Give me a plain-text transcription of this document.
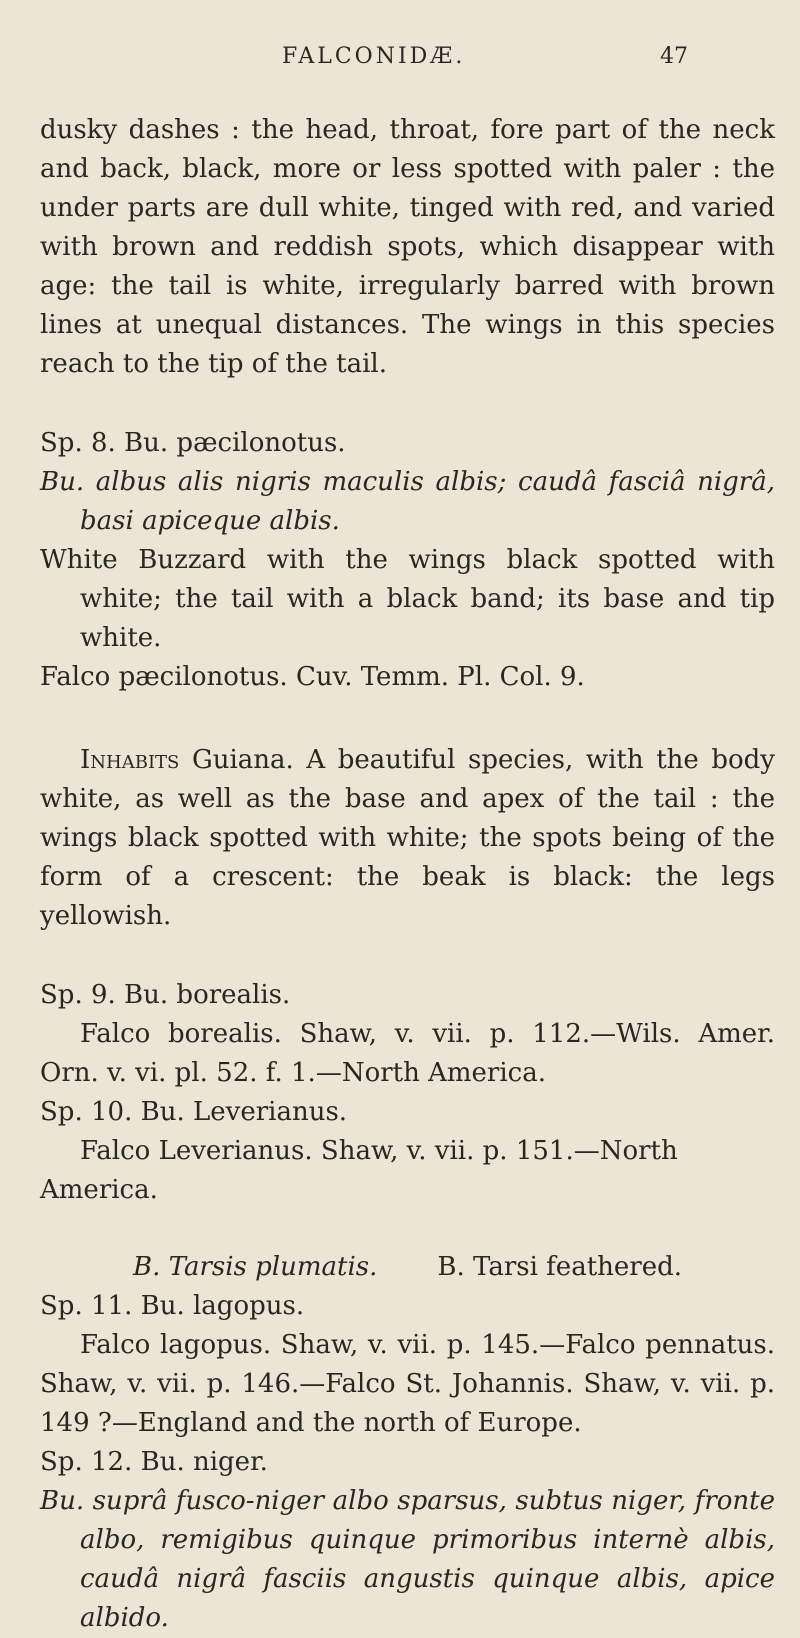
FALCONIDÆ.	47

dusky dashes : the head, throat, fore part of the neck and back, black, more or less spotted with paler : the under parts are dull white, tinged with red, and varied with brown and reddish spots, which disappear with age: the tail is white, irregularly barred with brown lines at unequal distances. The wings in this species reach to the tip of the tail.

Sp. 8. Bu. pæcilonotus.

Bu. albus alis nigris maculis albis; caudâ fasciâ nigrâ, basi apiceque albis.

White Buzzard with the wings black spotted with white; the tail with a black band; its base and tip white.

Falco pæcilonotus. Cuv. Temm. Pl. Col. 9.

Inhabits Guiana. A beautiful species, with the body white, as well as the base and apex of the tail : the wings black spotted with white; the spots being of the form of a crescent: the beak is black: the legs yellowish.

Sp. 9. Bu. borealis.

Falco borealis. Shaw, v. vii. p. 112.—Wils. Amer. Orn. v. vi. pl. 52. f. 1.—North America.

Sp. 10. Bu. Leverianus.

Falco Leverianus. Shaw, v. vii. p. 151.—North America.

B. Tarsis plumatis. B. Tarsi feathered.

Sp. 11. Bu. lagopus.

Falco lagopus. Shaw, v. vii. p. 145.—Falco pennatus. Shaw, v. vii. p. 146.—Falco St. Johannis. Shaw, v. vii. p. 149 ?—England and the north of Europe.

Sp. 12. Bu. niger.

Bu. suprâ fusco-niger albo sparsus, subtus niger, fronte albo, remigibus quinque primoribus internè albis, caudâ nigrâ fasciis angustis quinque albis, apice albido.
